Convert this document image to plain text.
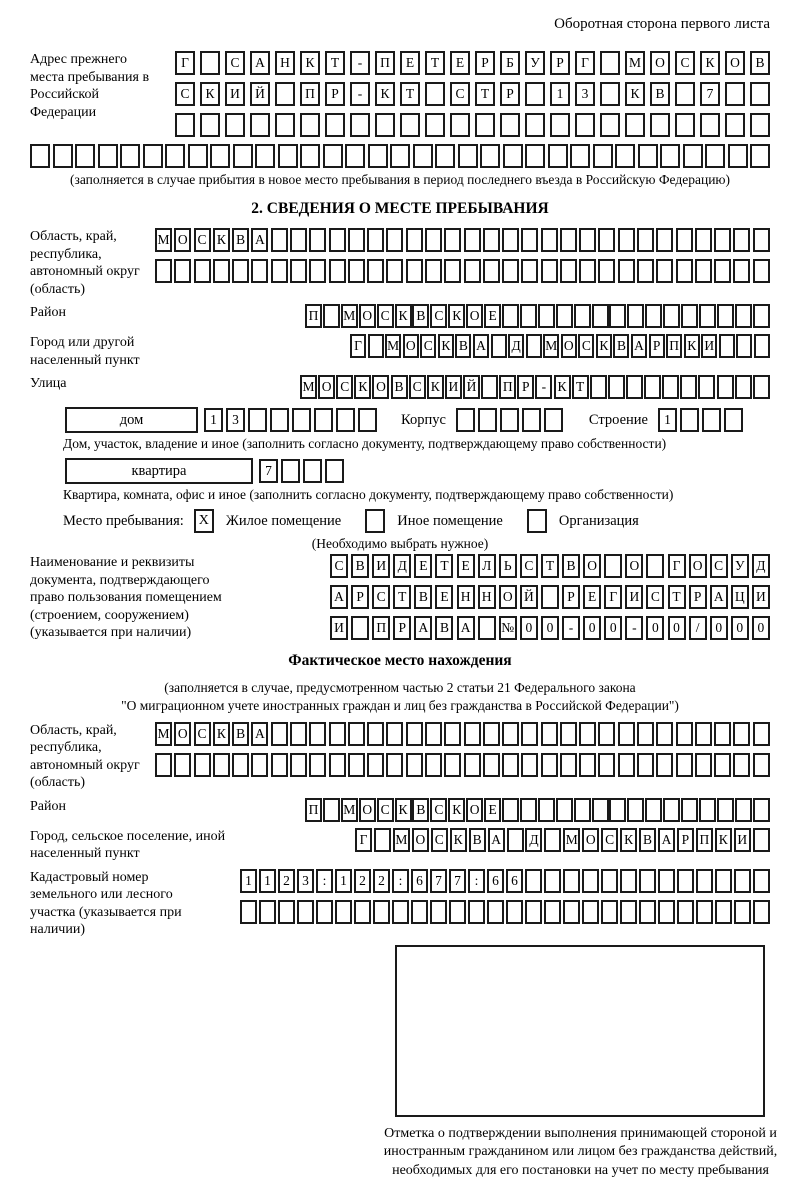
Оборотная сторона первого листа
Адрес прежнего места пребывания в Российской Федерации
Г	С	А	Н	К	Т	-	П	Е	Т	Е	Р	Б	У	Р	Г	М	О	С	К	О	В
С	К	И	Й	П	Р	-	К	Т	С	Т	Р	1	3	К	В	7
(заполняется в случае прибытия в новое место пребывания в период последнего въезда в Российскую Федерацию)
2. СВЕДЕНИЯ О МЕСТЕ ПРЕБЫВАНИЯ
Область, край, республика, автономный округ (область)
М О С К В А
Район	П М О С К В С К О Е
Город или другой населенный пункт
Г	М О С К В А Д М О С К В А Р П К И
Улица	М О С К О В С К И Й П Р - К Т
дом	1	3	Корпус	Строение	1
Дом, участок, владение и иное (заполнить согласно документу, подтверждающему право собственности)
квартира	7
Квартира, комната, офис и иное (заполнить согласно документу, подтверждающему право собственности)
Место пребывания:	X	Жилое помещение	Иное помещение	Организация
(Необходимо выбрать нужное)
Наименование и реквизиты документа, подтверждающего право пользования помещением (строением, сооружением) (указывается при наличии)
С В И Д Е Т Е Л Ь С Т В О	О	Г О С У Д
А Р С Т В Е Н Н О Й	Р Е Г И С Т Р А Ц И
И	П Р А В А	№ 0	0	-	0	0	-	0	0	/	0	0	0
Фактическое место нахождения
(заполняется в случае, предусмотренном частью 2 статьи 21 Федерального закона
"О миграционном учете иностранных граждан и лиц без гражданства в Российской Федерации")
Область, край, республика, автономный округ (область)
М О С К В А
Район	П М О С К В С К О Е
Город, сельское поселение, иной населенный пункт
Г	М О С К В А Д М О С К В А Р П К И
Кадастровый номер земельного или лесного участка (указывается при наличии)
1 1 2 3	:	1 2 2	:	6 7 7	:	6 6
Отметка о подтверждении выполнения принимающей стороной и иностранным гражданином или лицом без гражданства действий, необходимых для его постановки на учет по месту пребывания
